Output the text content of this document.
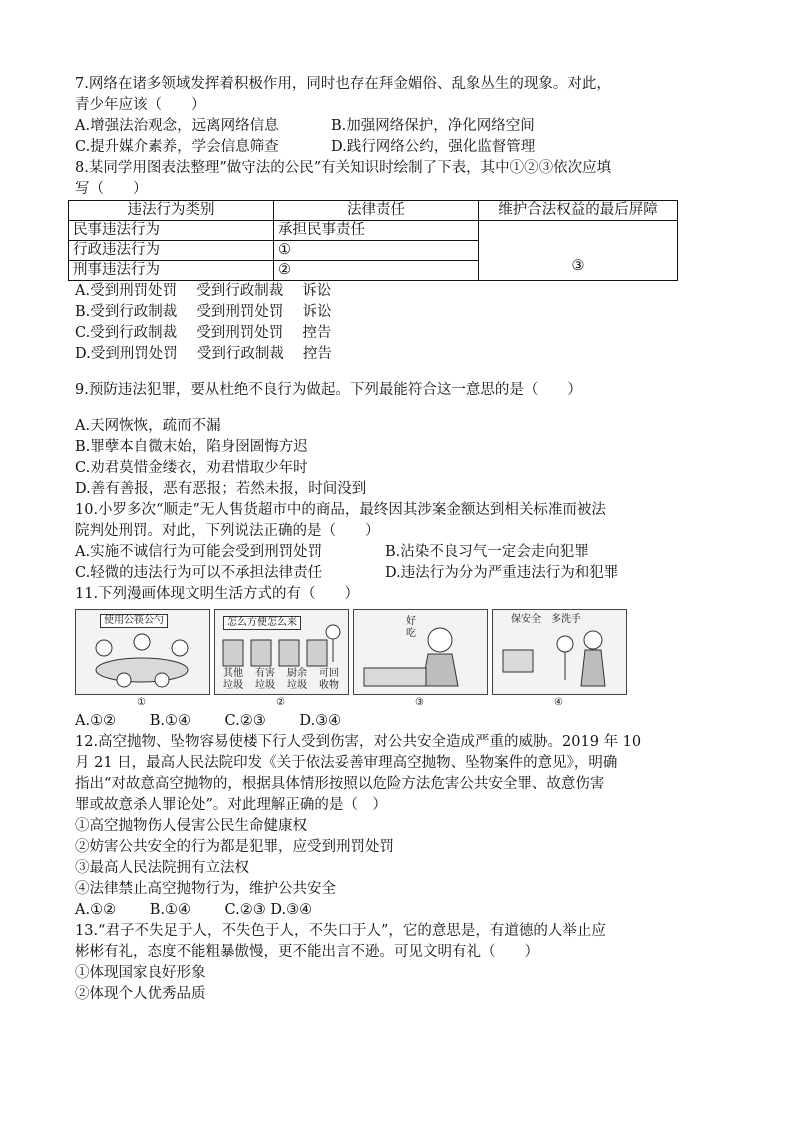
7.网络在诸多领域发挥着积极作用，同时也存在拜金媚俗、乱象丛生的现象。对此，
青少年应该（　　）
A.增强法治观念，远离网络信息	B.加强网络保护，净化网络空间
C.提升媒介素养，学会信息筛查	D.践行网络公约，强化监督管理
8.某同学用图表法整理”做守法的公民”有关知识时绘制了下表，其中①②③依次应填
写（　　）
违法行为类别	法律责任	维护合法权益的最后屏障
民事违法行为	承担民事责任	③
行政违法行为	①	
刑事违法行为	②	
A.受到刑罚处罚　 受到行政制裁　 诉讼
B.受到行政制裁　 受到刑罚处罚　 诉讼
C.受到行政制裁　 受到刑罚处罚　 控告
D.受到刑罚处罚　 受到行政制裁　 控告
9.预防违法犯罪，要从杜绝不良行为做起。下列最能符合这一意思的是（　　）
A.天网恢恢，疏而不漏
B.罪孽本自微末始，陷身囹圄悔方迟
C.劝君莫惜金缕衣，劝君惜取少年时
D.善有善报，恶有恶报；若然未报，时间没到
10.小罗多次“顺走”无人售货超市中的商品，最终因其涉案金额达到相关标准而被法
院判处刑罚。对此，下列说法正确的是（　　）
A.实施不诚信行为可能会受到刑罚处罚	B.沾染不良习气一定会走向犯罪
C.轻微的违法行为可以不承担法律责任	D.违法行为分为严重违法行为和犯罪
11.下列漫画体现文明生活方式的有（　　）
使用公筷公勺
①
怎么方便怎么来
其他 有害 厨余 可回
垃圾 垃圾 垃圾 收物
②
好吃
③
保安全　多洗手
④
A.①②　　 B.①④　　 C.②③　　 D.③④
12.高空抛物、坠物容易使楼下行人受到伤害，对公共安全造成严重的威胁。2019 年 10
月 21 日，最高人民法院印发《关于依法妥善审理高空抛物、坠物案件的意见》，明确
指出“对故意高空抛物的，根据具体情形按照以危险方法危害公共安全罪、故意伤害
罪或故意杀人罪论处”。对此理解正确的是（　）
①高空抛物伤人侵害公民生命健康权
②妨害公共安全的行为都是犯罪，应受到刑罚处罚
③最高人民法院拥有立法权
④法律禁止高空抛物行为，维护公共安全
A.①②　　 B.①④　　 C.②③ D.③④
13.“君子不失足于人，不失色于人，不失口于人”，它的意思是，有道德的人举止应
彬彬有礼，态度不能粗暴傲慢，更不能出言不逊。可见文明有礼（　　）
①体现国家良好形象
②体现个人优秀品质
